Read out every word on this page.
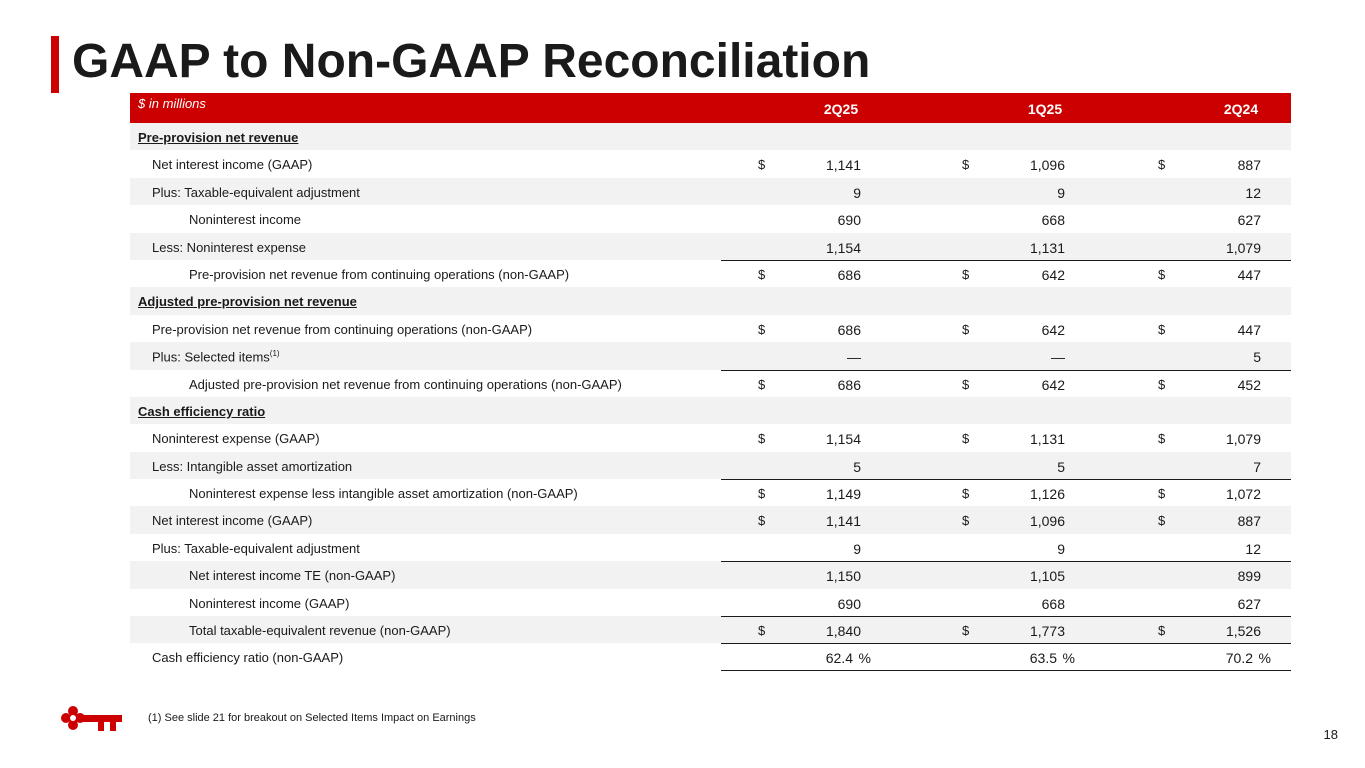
GAAP to Non-GAAP Reconciliation
$ in millions	2Q25	1Q25	2Q24
Pre-provision net revenue
Net interest income (GAAP)	$	1,141	$	1,096	$	887
Plus: Taxable-equivalent adjustment	9	9	12
Noninterest income	690	668	627
Less: Noninterest expense	1,154	1,131	1,079
Pre-provision net revenue from continuing operations (non-GAAP)	$	686	$	642	$	447
Adjusted pre-provision net revenue
Pre-provision net revenue from continuing operations (non-GAAP)	$	686	$	642	$	447
Plus: Selected items$^{(1)}$	—	—	5
Adjusted pre-provision net revenue from continuing operations (non-GAAP)	$	686	$	642	$	452
Cash efficiency ratio
Noninterest expense (GAAP)	$	1,154	$	1,131	$	1,079
Less: Intangible asset amortization	5	5	7
Noninterest expense less intangible asset amortization (non-GAAP)	$	1,149	$	1,126	$	1,072
Net interest income (GAAP)	$	1,141	$	1,096	$	887
Plus: Taxable-equivalent adjustment	9	9	12
Net interest income TE (non-GAAP)	1,150	1,105	899
Noninterest income (GAAP)	690	668	627
Total taxable-equivalent revenue (non-GAAP)	$	1,840	$	1,773	$	1,526
Cash efficiency ratio (non-GAAP)	62.4 %	63.5 %	70.2 %
(1) See slide 21 for breakout on Selected Items Impact on Earnings
18
